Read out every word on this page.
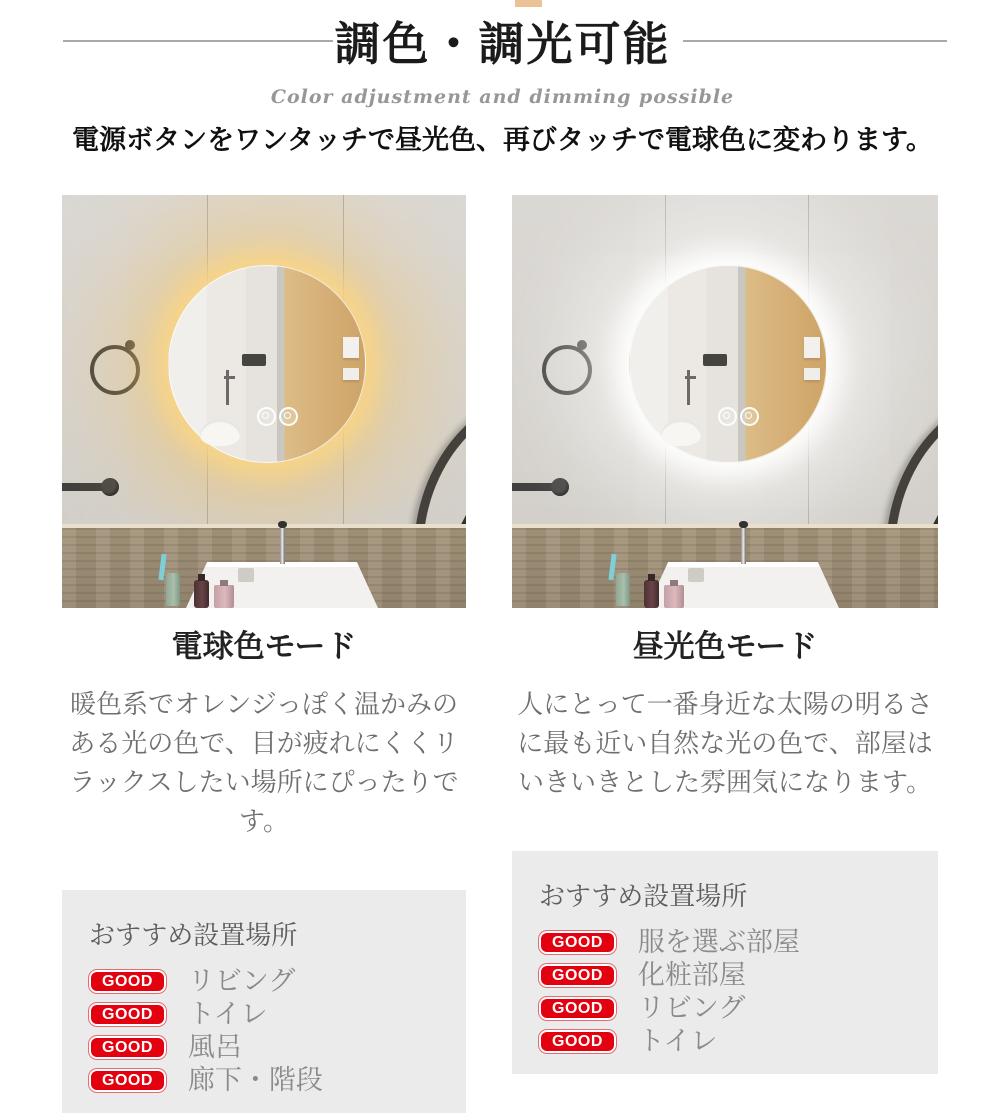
調色・調光可能
Color adjustment and dimming possible
電源ボタンをワンタッチで昼光色、再びタッチで電球色に変わります。
電球色モード
暖色系でオレンジっぽく温かみのある光の色で、目が疲れにくくリラックスしたい場所にぴったりです。
おすすめ設置場所
GOOD	リビング
GOOD	トイレ
GOOD	風呂
GOOD	廊下・階段
昼光色モード
人にとって一番身近な太陽の明るさに最も近い自然な光の色で、部屋はいきいきとした雰囲気になります。
おすすめ設置場所
GOOD	服を選ぶ部屋
GOOD	化粧部屋
GOOD	リビング
GOOD	トイレ
